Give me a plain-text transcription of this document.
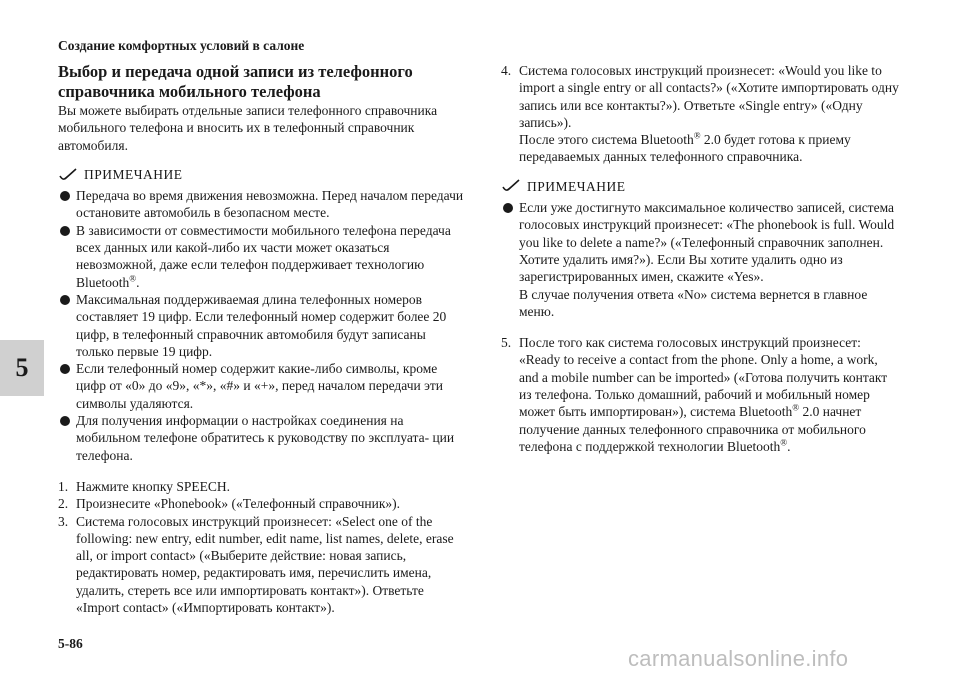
Создание комфортных условий в салоне
5
Выбор и передача одной записи из телефонного
справочника мобильного телефона

Вы можете выбирать отдельные записи телефонного справочника мобильного телефона и вносить их в телефонный справочник автомобиля.

ПРИМЕЧАНИЕ
Передача во время движения невозможна. Перед началом передачи остановите автомобиль в безопасном месте.
В зависимости от совместимости мобильного телефона передача всех данных или какой-либо их части может оказаться невозможной, даже если телефон поддерживает технологию Bluetooth®.
Максимальная поддерживаемая длина телефонных номеров составляет 19 цифр. Если телефонный номер содержит более 20 цифр, в телефонный справочник автомобиля будут записаны только первые 19 цифр.
Если телефонный номер содержит какие-либо символы, кроме цифр от «0» до «9», «*», «#» и «+», перед началом передачи эти символы удаляются.
Для получения информации о настройках соединения на мобильном телефоне обратитесь к руководству по эксплуата- ции телефона.
1. Нажмите кнопку SPEECH.
2. Произнесите «Phonebook» («Телефонный справочник»).
3. Система голосовых инструкций произнесет: «Select one of the following: new entry, edit number, edit name, list names, delete, erase all, or import contact» («Выберите действие: новая запись, редактировать номер, редактировать имя, перечислить имена, удалить, стереть все или импортировать контакт»). Ответьте «Import contact» («Импортировать контакт»).
4. Система голосовых инструкций произнесет: «Would you like to import a single entry or all contacts?» («Хотите импортировать одну запись или все контакты?»). Ответьте «Single entry» («Одну запись»).

После этого система Bluetooth® 2.0 будет готова к приему передаваемых данных телефонного справочника.

ПРИМЕЧАНИЕ

Если уже достигнуто максимальное количество записей, система голосовых инструкций произнесет: «The phonebook is full. Would you like to delete a name?» («Телефонный справочник заполнен. Хотите удалить имя?»). Если Вы хотите удалить одно из зарегистрированных имен, скажите «Yes».

В случае получения ответа «No» система вернется в главное меню.

5. После того как система голосовых инструкций произнесет: «Ready to receive a contact from the phone. Only a home, a work, and a mobile number can be imported» («Готова получить контакт из телефона. Только домашний, рабочий и мобильный номер может быть импортирован»), система Bluetooth® 2.0 начнет получение данных телефонного справочника от мобильного телефона с поддержкой технологии Bluetooth®.
5-86
carmanualsonline.info
